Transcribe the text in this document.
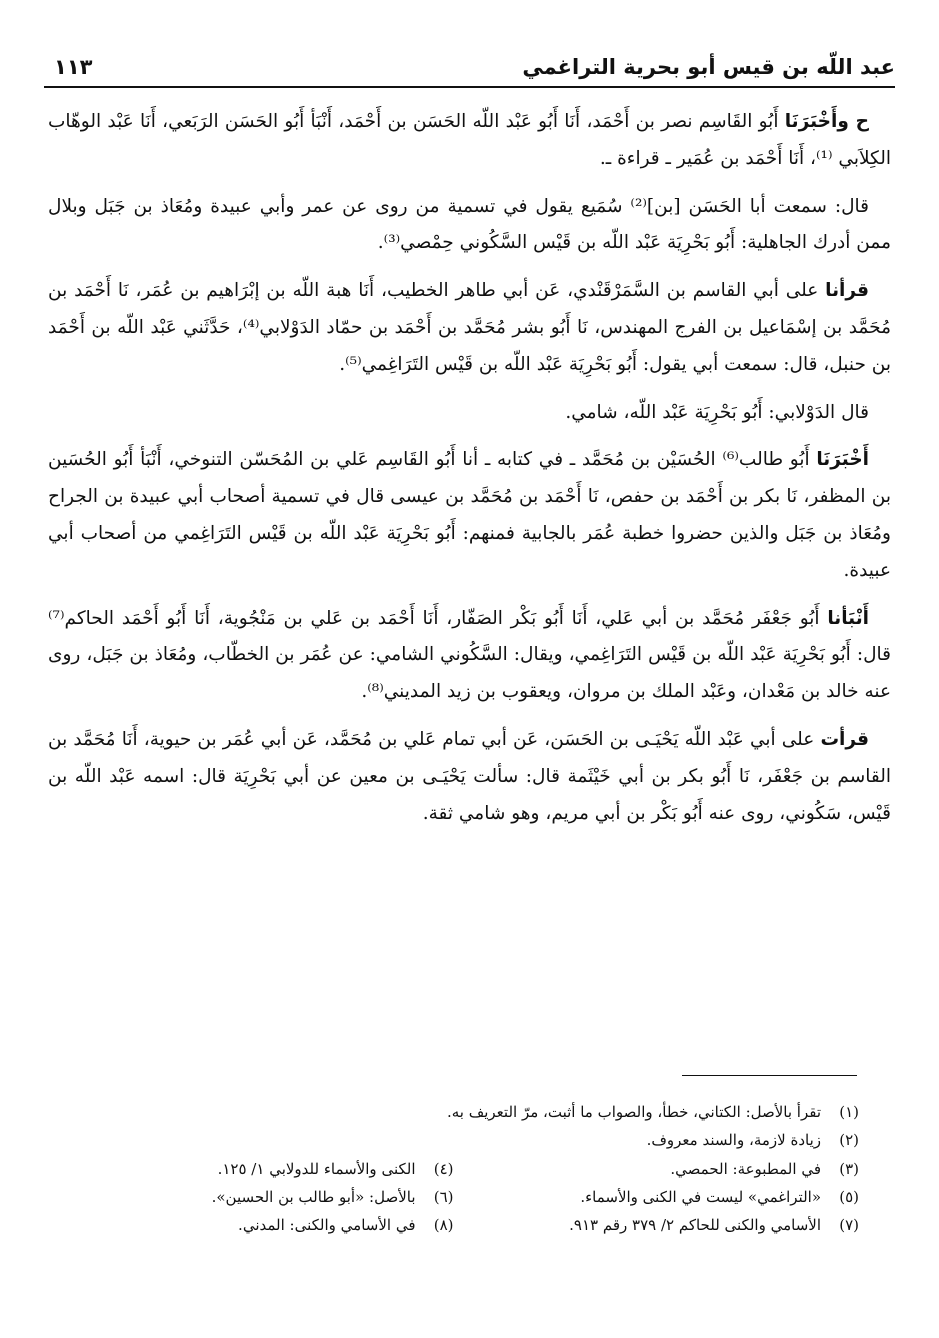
عبد اللّه بن قيس أبو بحرية التراغمي
١١٣

ح وأَخْبَرَنَا أَبُو القَاسِم نصر بن أَحْمَد، أَنَا أَبُو عَبْد اللّه الحَسَن بن أَحْمَد، أَنْبَأ أَبُو الحَسَن الرَبَعي، أَنَا عَبْد الوهّاب الكِلاَبي ⁽¹⁾، أَنَا أَحْمَد بن عُمَير ـ قراءة ـ.

قال: سمعت أبا الحَسَن [بن]⁽²⁾ سُمَيع يقول في تسمية من روى عن عمر وأبي عبيدة ومُعَاذ بن جَبَل وبلال ممن أدرك الجاهلية: أَبُو بَحْرِيَة عَبْد اللّه بن قَيْس السَّكُوني حِمْصي⁽³⁾.

قرأنا على أبي القاسم بن السَّمَرْقَنْدي، عَن أبي طاهر الخطيب، أَنَا هبة اللّه بن إبْرَاهيم بن عُمَر، نَا أَحْمَد بن مُحَمَّد بن إسْمَاعيل بن الفرج المهندس، نَا أَبُو بشر مُحَمَّد بن أَحْمَد بن حمّاد الدَوْلابي⁽⁴⁾، حَدَّثَني عَبْد اللّه بن أَحْمَد بن حنبل، قال: سمعت أبي يقول: أَبُو بَحْرِيَة عَبْد اللّه بن قَيْس التَرَاغِمي⁽⁵⁾.

قال الدَوْلابي: أَبُو بَحْرِيَة عَبْد اللّه، شامي.

أَخْبَرَنَا أَبُو طالب⁽⁶⁾ الحُسَيْن بن مُحَمَّد ـ في كتابه ـ أنا أَبُو القَاسِم عَلي بن المُحَسّن التنوخي، أَنْبَأ أَبُو الحُسَين بن المظفر، نَا بكر بن أَحْمَد بن حفص، نَا أَحْمَد بن مُحَمَّد بن عيسى قال في تسمية أصحاب أبي عبيدة بن الجراح ومُعَاذ بن جَبَل والذين حضروا خطبة عُمَر بالجابية فمنهم: أَبُو بَحْرِيَة عَبْد اللّه بن قَيْس التَرَاغِمي من أصحاب أبي عبيدة.

أَنْبَأنا أَبُو جَعْفَر مُحَمَّد بن أبي عَلي، أَنَا أَبُو بَكْر الصَفّار، أَنَا أَحْمَد بن عَلي بن مَنْجُوية، أَنَا أَبُو أَحْمَد الحاكم⁽⁷⁾ قال: أَبُو بَحْرِيَة عَبْد اللّه بن قَيْس التَرَاغِمي، ويقال: السَّكُوني الشامي: عن عُمَر بن الخطّاب، ومُعَاذ بن جَبَل، روى عنه خالد بن مَعْدان، وعَبْد الملك بن مروان، ويعقوب بن زيد المديني⁽⁸⁾.

قرأت على أبي عَبْد اللّه يَحْيَـى بن الحَسَن، عَن أبي تمام عَلي بن مُحَمَّد، عَن أبي عُمَر بن حيوية، أَنَا مُحَمَّد بن القاسم بن جَعْفَر، نَا أَبُو بكر بن أبي خَيْثَمة قال: سألت يَحْيَـى بن معين عن أبي بَحْرِيَة قال: اسمه عَبْد اللّه بن قَيْس، سَكُوني، روى عنه أَبُو بَكْر بن أبي مريم، وهو شامي ثقة.

(١)تقرأ بالأصل: الكتاني، خطأ، والصواب ما أثبت، مرّ التعريف به.
(٢)زيادة لازمة، والسند معروف.
(٣)في المطبوعة: الحمصي.
(٤)الكنى والأسماء للدولابي ١/ ١٢٥.
(٥)«التراغمي» ليست في الكنى والأسماء.
(٦)بالأصل: «أبو طالب بن الحسين».
(٧)الأسامي والكنى للحاكم ٢/ ٣٧٩ رقم ٩١٣.
(٨)في الأسامي والكنى: المدني.
